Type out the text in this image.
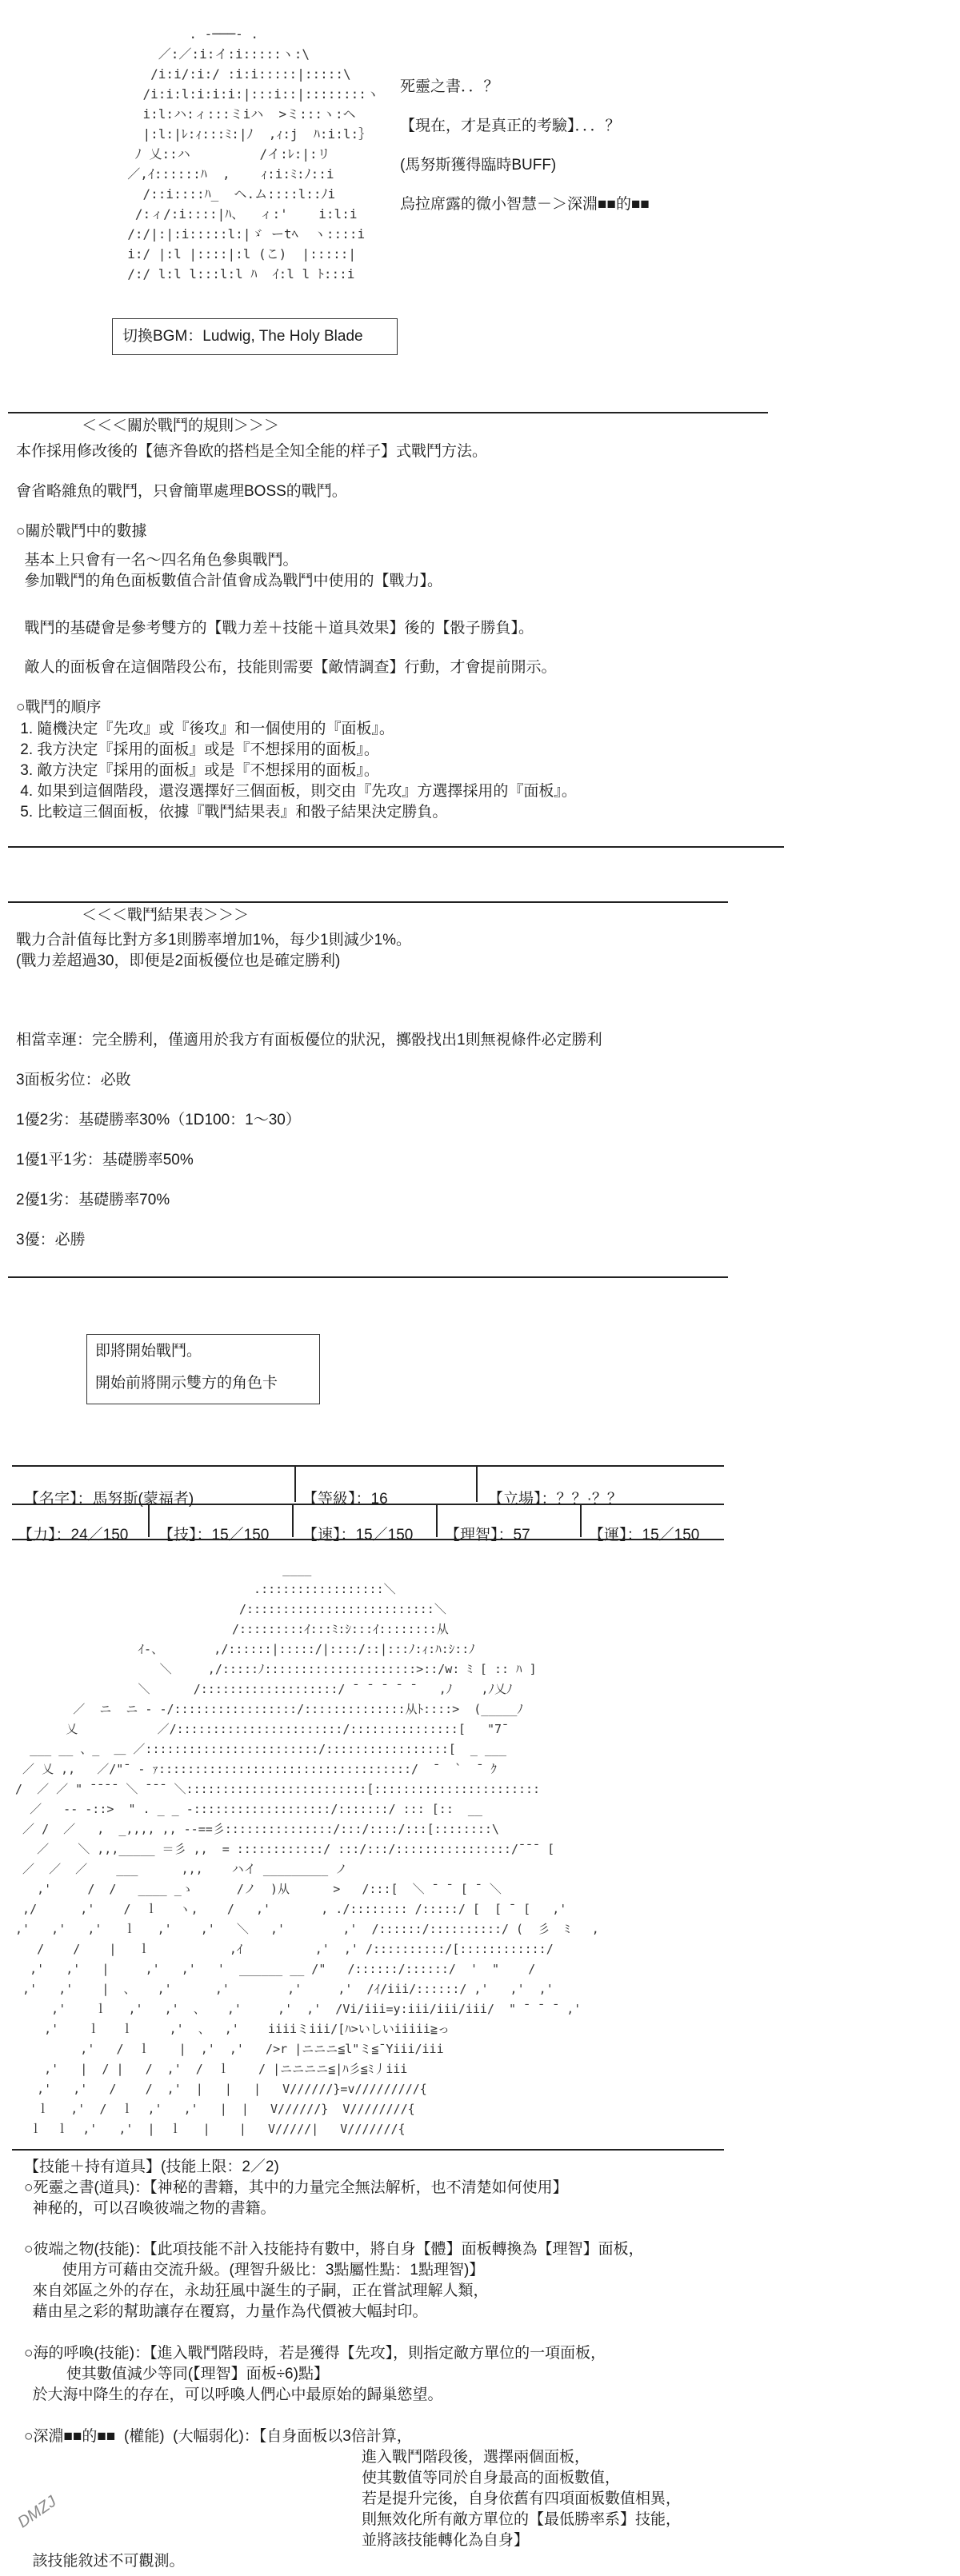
. -───- .
／:／:i:イ:i:::::ヽ:\
/i:i/:i:/ :i:i:::::|:::::\
/i:i:l:i:i:i:|:::i::|::::::::ヽ
i:l:ハ:ィ:::ミiハ  >ミ:::ヽ:ヘ
|:l:|ﾚ:ｨ:::ﾐ:|ﾉ  ,ｨ:j  ﾊ:i:l:｝
ﾉ 乂::ハ         /イ:ﾚ:|:リ
／,ｲ::::::ﾊ  ,    ｨ:i:ﾐ:ﾉ::i
/::i::::ﾊ_  ヘ.ム::::l::ﾉi
/:ィ/:i::::|ﾊ、  ィ:'    i:l:i
/:/|:|:i:::::l:|ゞ ーtﾍ  ヽ::::i
i:/ |:l |::::|:l (こ)  |:::::|
/:/ l:l l:::l:l ﾊ  ｲ:l l ﾄ:::i

死靈之書．．？

【現在，才是真正的考驗】．．．？

(馬努斯獲得臨時BUFF)

烏拉席露的微小智慧－＞深淵■■的■■

切換BGM：Ludwig, The Holy Blade

＜＜＜關於戰鬥的規則＞＞＞

本作採用修改後的【德齐鲁欧的搭档是全知全能的样子】式戰鬥方法。

會省略雜魚的戰鬥，只會簡單處理BOSS的戰鬥。

○關於戰鬥中的數據

基本上只會有一名～四名角色參與戰鬥。

參加戰鬥的角色面板數值合計值會成為戰鬥中使用的【戰力】。

戰鬥的基礎會是參考雙方的【戰力差＋技能＋道具效果】後的【骰子勝負】。

敵人的面板會在這個階段公布，技能則需要【敵情調查】行動，才會提前開示。

○戰鬥的順序

1. 隨機決定『先攻』或『後攻』和一個使用的『面板』。

2. 我方決定『採用的面板』或是『不想採用的面板』。

3. 敵方決定『採用的面板』或是『不想採用的面板』。

4. 如果到這個階段，還沒選擇好三個面板，則交由『先攻』方選擇採用的『面板』。

5. 比較這三個面板，依據『戰鬥結果表』和骰子結果決定勝負。

＜＜＜戰鬥結果表＞＞＞

戰力合計值每比對方多1則勝率增加1%，每少1則減少1%。

(戰力差超過30，即便是2面板優位也是確定勝利)

相當幸運：完全勝利，僅適用於我方有面板優位的狀況，擲骰找出1則無視條件必定勝利

3面板劣位：必敗

1優2劣：基礎勝率30%（1D100：1～30）

1優1平1劣：基礎勝率50%

2優1劣：基礎勝率70%

3優：必勝

即將開始戰鬥。

開始前將開示雙方的角色卡

【名字】：馬努斯(蒙福者)	【等級】：16	【立場】：？？·？？

【力】：24／150 【技】：15／150 【速】：15／150 【理智】：57	【運】：15／150

____
.:::::::::::::::::＼
/::::::::::::::::::::::::::＼
/:::::::::ｲ:::ﾐ:ｼ:::ｲ::::::::从
ｲ-、       ,/::::::|:::::/|::::/::|:::ﾉ:ｨ:ﾊ:ｼ::ﾉ
＼     ,/:::::ﾉ:::::::::::::::::::::>::/w: ﾐ [ :: ﾊ ]
＼      /:::::::::::::::::::/ ¯ ¯ ¯ ¯ ¯   ,ﾉ    ,ﾉ乂ﾉ
／  ニ  ニ - -/:::::::::::::::::/::::::::::::::从ﾄ::::>  (_____ﾉ
乂           ／/:::::::::::::::::::::::/:::::::::::::::[   "7¯
___ __ 、_  ＿ ／::::::::::::::::::::::::/:::::::::::::::::[  _ ___
／ 乂 ,,   ／/"¯ - ｧ:::::::::::::::::::::::::::::::::::/  ¯  `  ¯ ｸ
/  ／ ／ " ¯¯¯¯ ＼ ¯¯¯ ＼:::::::::::::::::::::::::[:::::::::::::::::::::::
／   -- -::>  " . _ _ -:::::::::::::::::::/:::::::/ ::: [::  __
／ /  ／   ,  _,,,, ,, --==彡:::::::::::::::/:::/::::/:::[::::::::\
／    ＼ ,,,_____ ＝彡 ,,  = ::::::::::::/ :::/:::/::::::::::::::::/¯¯¯ [
／  ／  ／    ___      ,,,    ハイ _________ ノ
,'     /  /   ____ _ゝ      /ノ  )从      >   /:::[  ＼ ¯ ¯ [ ¯ ＼
,/      ,'    /  ｌ   ヽ,    /   ,'       , ./:::::::: /:::::/ [  [ ¯ [   ,'
,'   ,'   ,'   ｌ   ,'    ,'   ＼   ,'        ,'  /::::::/::::::::::/ (  彡  ﾐ   ,
/    /    |   ｌ           ,ｲ          ,'  ,' /::::::::::/[::::::::::::/
,'   ,'   |     ,'   ,'   '  ______ __ /"   /::::::/::::::/  '  "    /
,'   ,'    |  、   ,'      ,'        ,'     ,'  /ｲ/iii/::::::/ ,'   ,'  ,'
,'    ｌ   ,'   ,'  、   ,'     ,'  ,'  /Vi/iii=y:iii/iii/iii/  " ¯ ¯ ¯ ,'
,'    ｌ   ｌ     ,'  、  ,'    iiiiミiii/[ﾊ>いしいiiiii≧っ
,'   /  ｌ    |  ,'  ,'   />r |ニニニ≦l"ミ≦¯Yiii/iii
,'   |  / |   /  ,'  /  ｌ    / |ニニニニ≦|ﾊ彡≦ﾐ丿iii
,'   ,'   /    /  ,'  |   |   |   V//////}=v/////////{
ｌ   ,'  /  ｌ  ,'   ,'   |  |   V//////}  V////////{
ｌ  ｌ  ,'   ,'  |  ｌ   |    |   V/////|   V///////{

【技能＋持有道具】(技能上限：2／2)

○死靈之書(道具)：【神秘的書籍，其中的力量完全無法解析，也不清楚如何使用】

神秘的，可以召喚彼端之物的書籍。

○彼端之物(技能)：【此項技能不計入技能持有數中，將自身【體】面板轉換為【理智】面板，

使用方可藉由交流升級。(理智升級比：3點屬性點：1點理智)】

來自郊區之外的存在，永劫狂風中誕生的子嗣，正在嘗試理解人類，

藉由星之彩的幫助讓存在覆寫，力量作為代價被大幅封印。

○海的呼喚(技能)：【進入戰鬥階段時，若是獲得【先攻】，則指定敵方單位的一項面板，

使其數值減少等同(【理智】面板÷6)點】

於大海中降生的存在，可以呼喚人們心中最原始的歸巢慾望。

○深淵■■的■■  (權能)  (大幅弱化)：【自身面板以3倍計算，

進入戰鬥階段後，選擇兩個面板，

使其數值等同於自身最高的面板數值，

若是提升完後，自身依舊有四項面板數值相異，

則無效化所有敵方單位的【最低勝率系】技能，

並將該技能轉化為自身】

該技能敘述不可觀測。

DMZJ
